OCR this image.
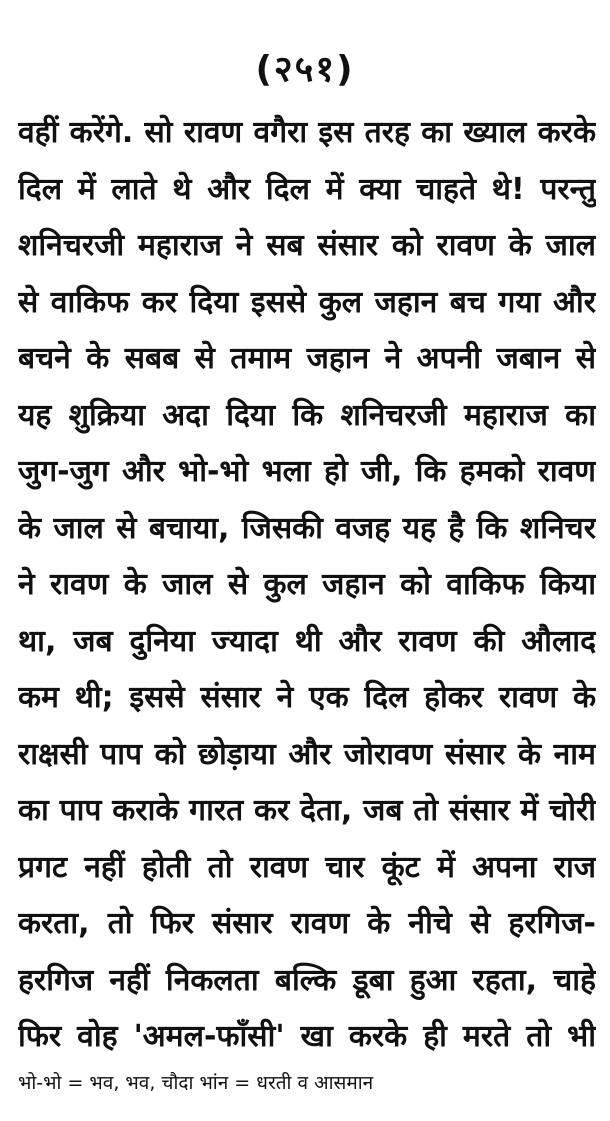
(२५१)
वहीं करेंगे. सो रावण वगैरा इस तरह का ख्याल करके
दिल में लाते थे और दिल में क्या चाहते थे! परन्तु
शनिचरजी महाराज ने सब संसार को रावण के जाल
से वाकिफ कर दिया इससे कुल जहान बच गया और
बचने के सबब से तमाम जहान ने अपनी जबान से
यह शुक्रिया अदा दिया कि शनिचरजी महाराज का
जुग-जुग और भो-भो भला हो जी, कि हमको रावण
के जाल से बचाया, जिसकी वजह यह है कि शनिचर
ने रावण के जाल से कुल जहान को वाकिफ किया
था, जब दुनिया ज्यादा थी और रावण की औलाद
कम थी; इससे संसार ने एक दिल होकर रावण के
राक्षसी पाप को छोड़ाया और जोरावण संसार के नाम
का पाप कराके गारत कर देता, जब तो संसार में चोरी
प्रगट नहीं होती तो रावण चार कूंट में अपना राज
करता, तो फिर संसार रावण के नीचे से हरगिज-
हरगिज नहीं निकलता बल्कि डूबा हुआ रहता, चाहे
फिर वोह 'अमल-फाँसी' खा करके ही मरते तो भी
भो-भो = भव, भव, चौदा भांन = धरती व आसमान
